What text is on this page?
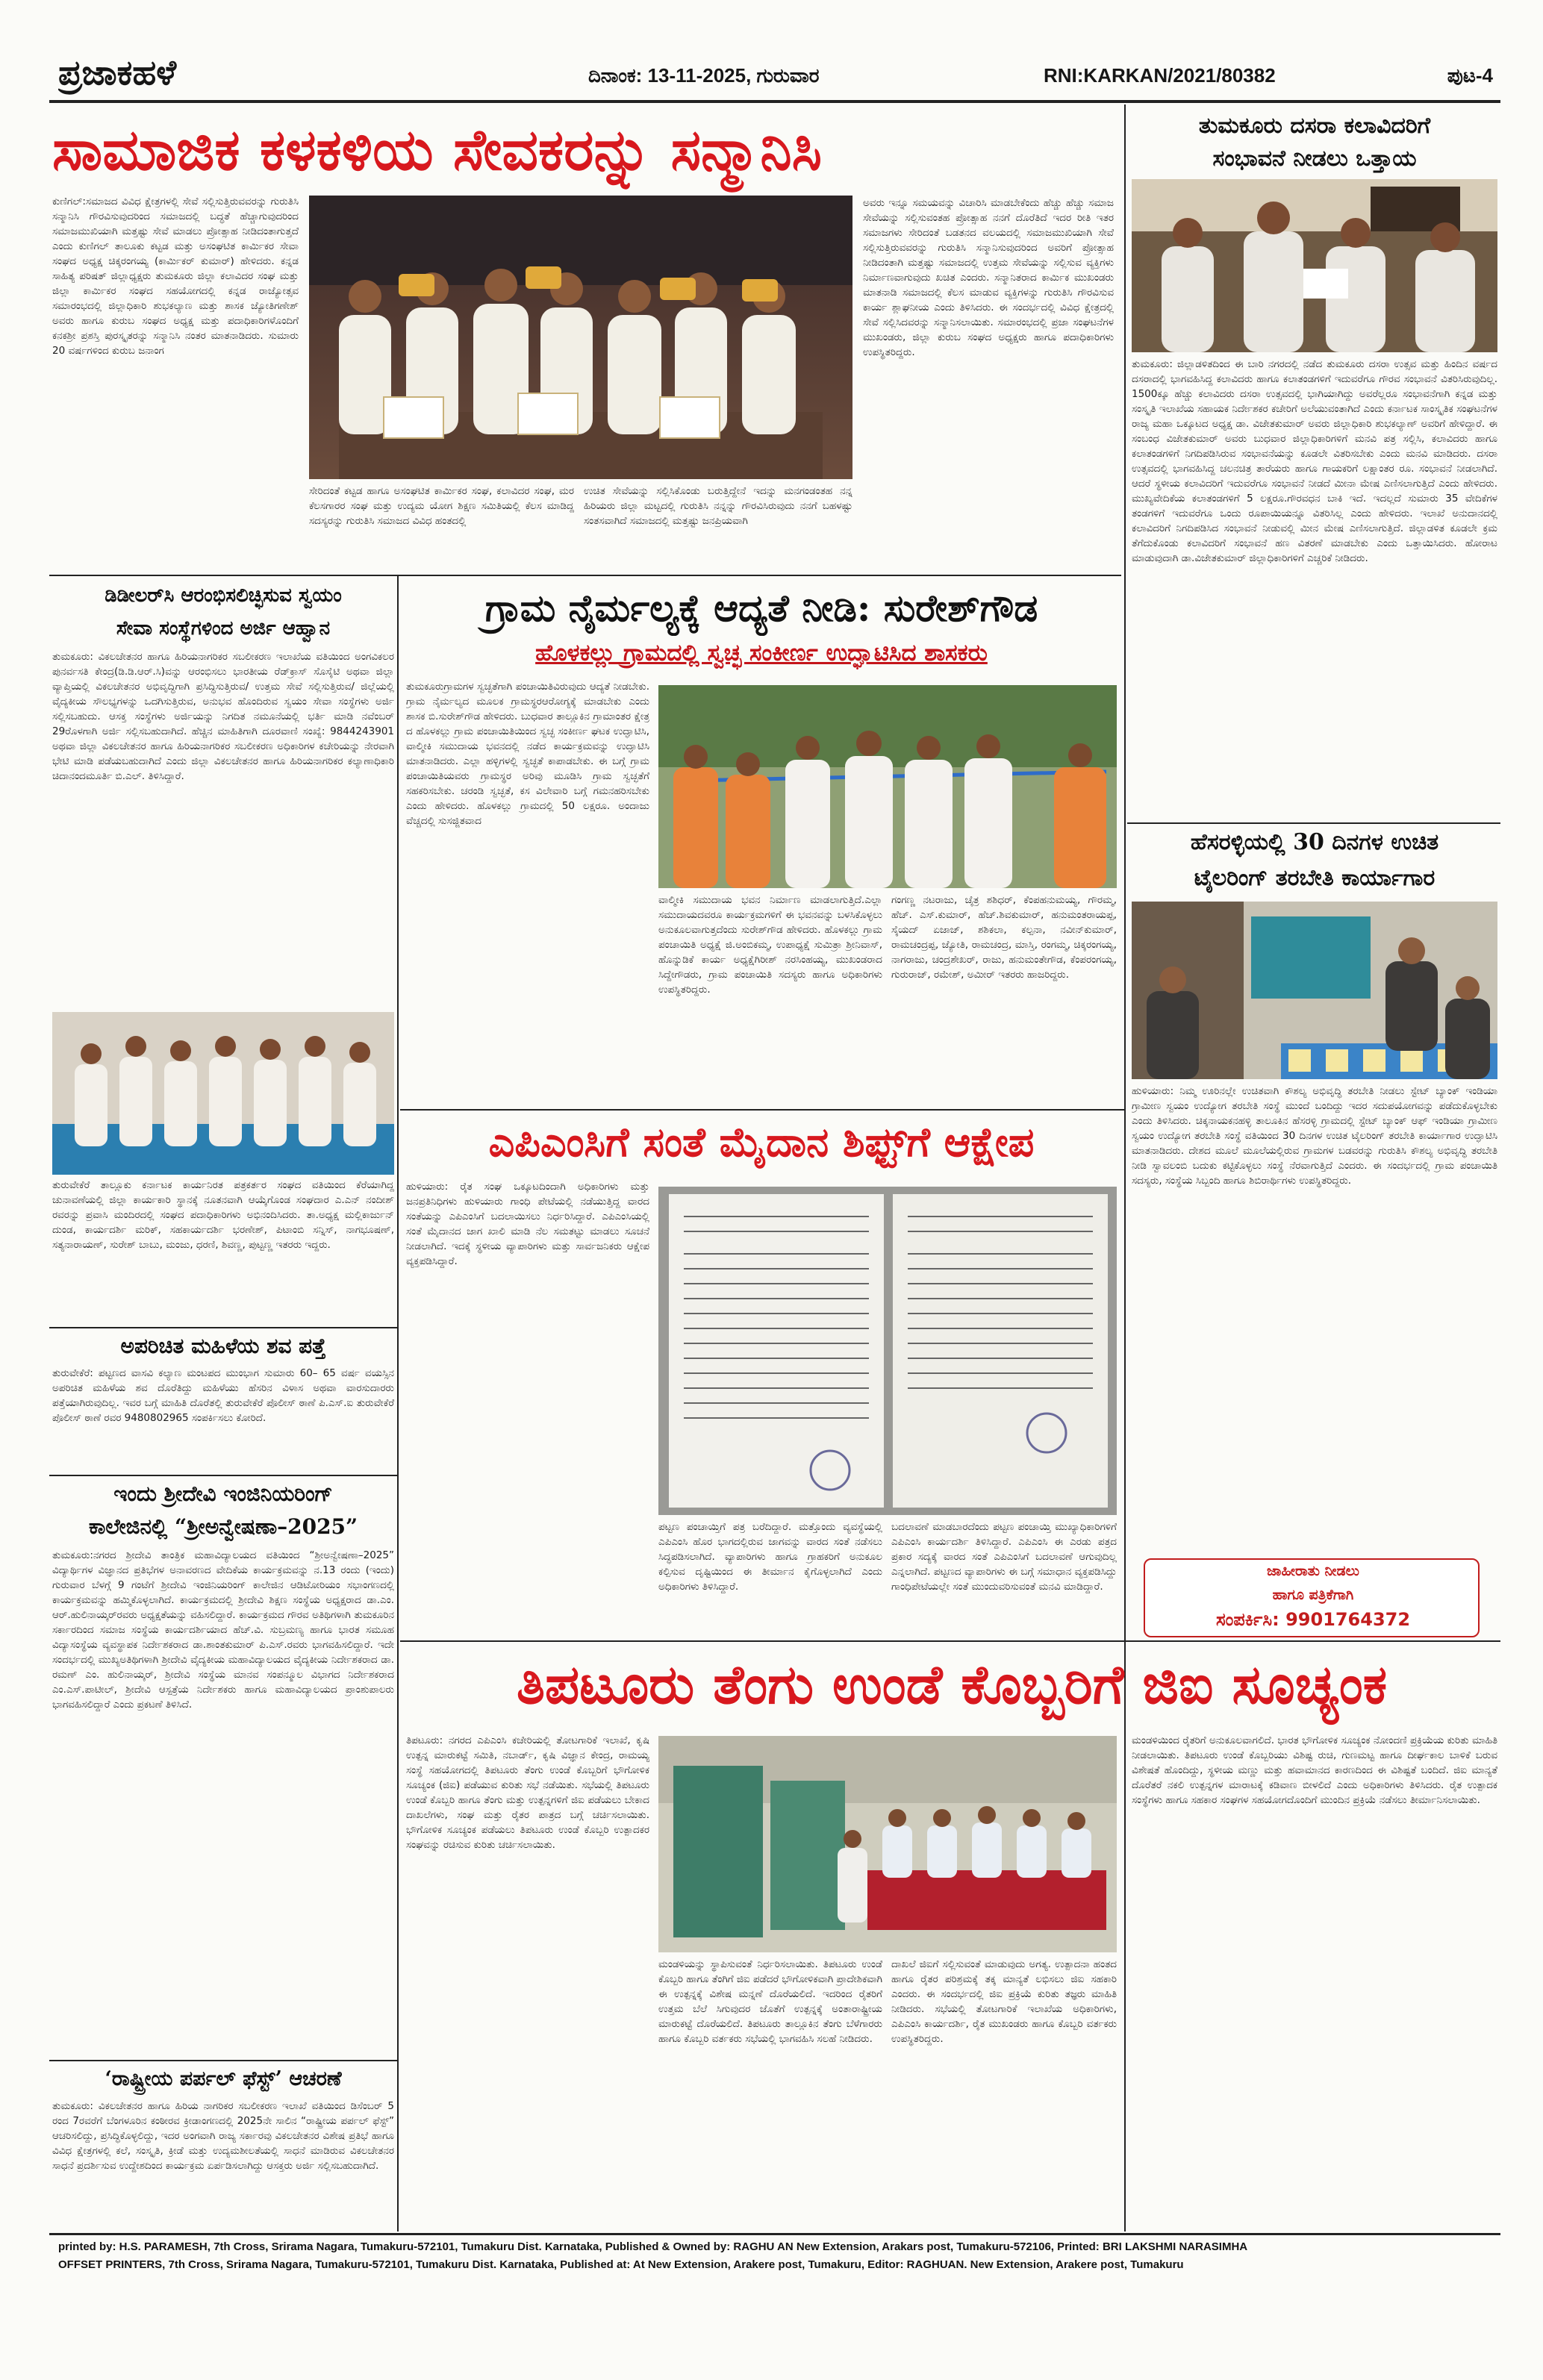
ಪ್ರಜಾಕಹಳೆ	ದಿನಾಂಕ: 13-11-2025, ಗುರುವಾರ	RNI:KARKAN/2021/80382	ಪುಟ-4
ಸಾಮಾಜಿಕ ಕಳಕಳಿಯ ಸೇವಕರನ್ನು ಸನ್ಮಾನಿಸಿ
ಕುಣಿಗಲ್:ಸಮಾಜದ ವಿವಿಧ ಕ್ಷೇತ್ರಗಳಲ್ಲಿ ಸೇವೆ ಸಲ್ಲಿಸುತ್ತಿರುವವರನ್ನು ಗುರುತಿಸಿ ಸನ್ಮಾನಿಸಿ ಗೌರವಿಸುವುದರಿಂದ ಸಮಾಜದಲ್ಲಿ ಬದ್ಧತೆ ಹೆಚ್ಚಾಗುವುದರಿಂದ ಸಮಾಜಮುಖಿಯಾಗಿ ಮತ್ತಷ್ಟು ಸೇವೆ ಮಾಡಲು ಪ್ರೋತ್ಸಾಹ ನೀಡಿದಂತಾಗುತ್ತದೆ ಎಂದು ಕುಣಿಗಲ್ ತಾಲೂಕು ಕಟ್ಟಡ ಮತ್ತು ಅಸಂಘಟಿತ ಕಾರ್ಮಿಕರ ಸೇವಾ ಸಂಘದ ಅಧ್ಯಕ್ಷ ಚಿಕ್ಕರಂಗಯ್ಯ (ಕಾರ್ಮಿಕರ್ ಕುಮಾರ್) ಹೇಳಿದರು. ಕನ್ನಡ ಸಾಹಿತ್ಯ ಪರಿಷತ್ ಜಿಲ್ಲಾಧ್ಯಕ್ಷರು ತುಮಕೂರು ಜಿಲ್ಲಾ ಕಲಾವಿದರ ಸಂಘ ಮತ್ತು ಜಿಲ್ಲಾ ಕಾರ್ಮಿಕರ ಸಂಘದ ಸಹಯೋಗದಲ್ಲಿ ಕನ್ನಡ ರಾಜ್ಯೋತ್ಸವ ಸಮಾರಂಭದಲ್ಲಿ ಜಿಲ್ಲಾಧಿಕಾರಿ ಶುಭಕಲ್ಯಾಣ ಮತ್ತು ಶಾಸಕ ಜ್ಯೋತಿಗಣೇಶ್ ಅವರು ಹಾಗೂ ಕುರುಬ ಸಂಘದ ಅಧ್ಯಕ್ಷ ಮತ್ತು ಪದಾಧಿಕಾರಿಗಳೊಂದಿಗೆ ಕನಕಶ್ರೀ ಪ್ರಶಸ್ತಿ ಪುರಸ್ಕೃತರನ್ನು ಸನ್ಮಾನಿಸಿ ನಂತರ ಮಾತನಾಡಿದರು. ಸುಮಾರು 20 ವರ್ಷಗಳಿಂದ ಕುರುಬ ಜನಾಂಗ
ಸೇರಿದಂತೆ ಕಟ್ಟಡ ಹಾಗೂ ಅಸಂಘಟಿತ ಕಾರ್ಮಿಕರ ಸಂಘ, ಕಲಾವಿದರ ಸಂಘ, ಮರ ಕೆಲಸಗಾರರ ಸಂಘ ಮತ್ತು ಉದ್ಯಮ ಯೋಗ ಶಿಕ್ಷಣ ಸಮಿತಿಯಲ್ಲಿ ಕೆಲಸ ಮಾಡಿದ್ದ ಸದಸ್ಯರನ್ನು ಗುರುತಿಸಿ ಸಮಾಜದ ವಿವಿಧ ಹಂತದಲ್ಲಿ
ಉಚಿತ ಸೇವೆಯನ್ನು ಸಲ್ಲಿಸಿಕೊಂಡು ಬರುತ್ತಿದ್ದೇನೆ ಇದನ್ನು ಮನಗಂಡಂತಹ ನನ್ನ ಹಿರಿಯರು ಜಿಲ್ಲಾ ಮಟ್ಟದಲ್ಲಿ ಗುರುತಿಸಿ ನನ್ನನ್ನು ಗೌರವಿಸಿರುವುದು ನನಗೆ ಬಹಳಷ್ಟು ಸಂತಸವಾಗಿದೆ ಸಮಾಜದಲ್ಲಿ ಮತ್ತಷ್ಟು ಜನಪ್ರಿಯವಾಗಿ
ಅವರು ಇನ್ನೂ ಸಮಯವನ್ನು ವಿಚಾರಿಸಿ ಮಾಡಬೇಕೆಂದು ಹೆಚ್ಚು ಹೆಚ್ಚು ಸಮಾಜ ಸೇವೆಯನ್ನು ಸಲ್ಲಿಸುವಂತಹ ಪ್ರೋತ್ಸಾಹ ನನಗೆ ದೊರೆತಿದೆ ಇದರ ರೀತಿ ಇತರ ಸಮಾಜಗಳು ಸೇರಿದಂತೆ ಬಡತನದ ವಲಯದಲ್ಲಿ ಸಮಾಜಮುಖಿಯಾಗಿ ಸೇವೆ ಸಲ್ಲಿಸುತ್ತಿರುವವರನ್ನು ಗುರುತಿಸಿ ಸನ್ಮಾನಿಸುವುದರಿಂದ ಅವರಿಗೆ ಪ್ರೋತ್ಸಾಹ ನೀಡಿದಂತಾಗಿ ಮತ್ತಷ್ಟು ಸಮಾಜದಲ್ಲಿ ಉತ್ತಮ ಸೇವೆಯನ್ನು ಸಲ್ಲಿಸುವ ವ್ಯಕ್ತಿಗಳು ನಿರ್ಮಾಣವಾಗುವುದು ಖಚಿತ ಎಂದರು. ಸನ್ಮಾನಿತರಾದ ಕಾರ್ಮಿಕ ಮುಖಂಡರು ಮಾತನಾಡಿ ಸಮಾಜದಲ್ಲಿ ಕೆಲಸ ಮಾಡುವ ವ್ಯಕ್ತಿಗಳನ್ನು ಗುರುತಿಸಿ ಗೌರವಿಸುವ ಕಾರ್ಯ ಶ್ಲಾಘನೀಯ ಎಂದು ತಿಳಿಸಿದರು. ಈ ಸಂದರ್ಭದಲ್ಲಿ ವಿವಿಧ ಕ್ಷೇತ್ರದಲ್ಲಿ ಸೇವೆ ಸಲ್ಲಿಸಿದವರನ್ನು ಸನ್ಮಾನಿಸಲಾಯಿತು. ಸಮಾರಂಭದಲ್ಲಿ ಪ್ರಜಾ ಸಂಘಟನೆಗಳ ಮುಖಂಡರು, ಜಿಲ್ಲಾ ಕುರುಬ ಸಂಘದ ಅಧ್ಯಕ್ಷರು ಹಾಗೂ ಪದಾಧಿಕಾರಿಗಳು ಉಪಸ್ಥಿತರಿದ್ದರು.
ತುಮಕೂರು ದಸರಾ ಕಲಾವಿದರಿಗೆ
ಸಂಭಾವನೆ ನೀಡಲು ಒತ್ತಾಯ
ತುಮಕೂರು: ಜಿಲ್ಲಾಡಳಿತದಿಂದ ಈ ಬಾರಿ ನಗರದಲ್ಲಿ ನಡೆದ ತುಮಕೂರು ದಸರಾ ಉತ್ಸವ ಮತ್ತು ಹಿಂದಿನ ವರ್ಷದ ದಸರಾದಲ್ಲಿ ಭಾಗವಹಿಸಿದ್ದ ಕಲಾವಿದರು ಹಾಗೂ ಕಲಾತಂಡಗಳಿಗೆ ಇದುವರೆಗೂ ಗೌರವ ಸಂಭಾವನೆ ವಿತರಿಸಿರುವುದಿಲ್ಲ. 1500ಕ್ಕೂ ಹೆಚ್ಚು ಕಲಾವಿದರು ದಸರಾ ಉತ್ಸವದಲ್ಲಿ ಭಾಗಿಯಾಗಿದ್ದು ಅವರೆಲ್ಲರೂ ಸಂಭಾವನೆಗಾಗಿ ಕನ್ನಡ ಮತ್ತು ಸಂಸ್ಕೃತಿ ಇಲಾಖೆಯ ಸಹಾಯಕ ನಿರ್ದೇಶಕರ ಕಚೇರಿಗೆ ಅಲೆಯುವಂತಾಗಿದೆ ಎಂದು ಕರ್ನಾಟಕ ಸಾಂಸ್ಕೃತಿಕ ಸಂಘಟನೆಗಳ ರಾಜ್ಯ ಮಹಾ ಒಕ್ಕೂಟದ ಅಧ್ಯಕ್ಷ ಡಾ. ವಿಜೇತಕುಮಾರ್ ಅವರು ಜಿಲ್ಲಾಧಿಕಾರಿ ಶುಭಕಲ್ಯಾಣ್ ಅವರಿಗೆ ಹೇಳಿದ್ದಾರೆ. ಈ ಸಂಬಂಧ ವಿಜೇತಕುಮಾರ್ ಅವರು ಬುಧವಾರ ಜಿಲ್ಲಾಧಿಕಾರಿಗಳಿಗೆ ಮನವಿ ಪತ್ರ ಸಲ್ಲಿಸಿ, ಕಲಾವಿದರು ಹಾಗೂ ಕಲಾತಂಡಗಳಿಗೆ ನಿಗದಿಪಡಿಸಿರುವ ಸಂಭಾವನೆಯನ್ನು ಕೂಡಲೇ ವಿತರಿಸಬೇಕು ಎಂದು ಮನವಿ ಮಾಡಿದರು. ದಸರಾ ಉತ್ಸವದಲ್ಲಿ ಭಾಗವಹಿಸಿದ್ದ ಚಲನಚಿತ್ರ ತಾರೆಯರು ಹಾಗೂ ಗಾಯಕರಿಗೆ ಲಕ್ಷಾಂತರ ರೂ. ಸಂಭಾವನೆ ನೀಡಲಾಗಿದೆ. ಆದರೆ ಸ್ಥಳೀಯ ಕಲಾವಿದರಿಗೆ ಇದುವರೆಗೂ ಸಂಭಾವನೆ ನೀಡದೆ ಮೀನಾ ಮೇಷ ಎಣಿಸಲಾಗುತ್ತಿದೆ ಎಂದು ಹೇಳಿದರು. ಮುಖ್ಯವೇದಿಕೆಯ ಕಲಾತಂಡಗಳಿಗೆ 5 ಲಕ್ಷರೂ.ಗೌರವಧನ ಬಾಕಿ ಇದೆ. ಇದಲ್ಲದೆ ಸುಮಾರು 35 ವೇದಿಕೆಗಳ ತಂಡಗಳಿಗೆ ಇದುವರೆಗೂ ಒಂದು ರೂಪಾಯಿಯನ್ನೂ ವಿತರಿಸಿಲ್ಲ ಎಂದು ಹೇಳಿದರು. ಇಲಾಖೆ ಅನುದಾನದಲ್ಲಿ ಕಲಾವಿದರಿಗೆ ನಿಗದಿಪಡಿಸಿದ ಸಂಭಾವನೆ ನೀಡುವಲ್ಲಿ ಮೀನ ಮೇಷ ಎಣಿಸಲಾಗುತ್ತಿದೆ. ಜಿಲ್ಲಾಡಳಿತ ಕೂಡಲೇ ಕ್ರಮ ತೆಗೆದುಕೊಂಡು ಕಲಾವಿದರಿಗೆ ಸಂಭಾವನೆ ಹಣ ವಿತರಣೆ ಮಾಡಬೇಕು ಎಂದು ಒತ್ತಾಯಿಸಿದರು. ಹೋರಾಟ ಮಾಡುವುದಾಗಿ ಡಾ.ವಿಜೇತಕುಮಾರ್ ಜಿಲ್ಲಾಧಿಕಾರಿಗಳಿಗೆ ಎಚ್ಚರಿಕೆ ನೀಡಿದರು.
ಹೆಸರಳ್ಳಿಯಲ್ಲಿ 30 ದಿನಗಳ ಉಚಿತ
ಟೈಲರಿಂಗ್ ತರಬೇತಿ ಕಾರ್ಯಾಗಾರ
ಹುಳಿಯಾರು: ನಿಮ್ಮ ಊರಿನಲ್ಲೇ ಉಚಿತವಾಗಿ ಕೌಶಲ್ಯ ಅಭಿವೃದ್ಧಿ ತರಬೇತಿ ನೀಡಲು ಸ್ಟೇಟ್ ಬ್ಯಾಂಕ್ ಇಂಡಿಯಾ ಗ್ರಾಮೀಣ ಸ್ವಯಂ ಉದ್ಯೋಗ ತರಬೇತಿ ಸಂಸ್ಥೆ ಮುಂದೆ ಬಂದಿದ್ದು ಇದರ ಸದುಪಯೋಗವನ್ನು ಪಡೆದುಕೊಳ್ಳಬೇಕು ಎಂದು ತಿಳಿಸಿದರು. ಚಿಕ್ಕನಾಯಕನಹಳ್ಳಿ ತಾಲೂಕಿನ ಹೆಸರಳ್ಳಿ ಗ್ರಾಮದಲ್ಲಿ ಸ್ಟೇಟ್ ಬ್ಯಾಂಕ್ ಆಫ್ ಇಂಡಿಯಾ ಗ್ರಾಮೀಣ ಸ್ವಯಂ ಉದ್ಯೋಗ ತರಬೇತಿ ಸಂಸ್ಥೆ ವತಿಯಿಂದ 30 ದಿನಗಳ ಉಚಿತ ಟೈಲರಿಂಗ್ ತರಬೇತಿ ಕಾರ್ಯಾಗಾರ ಉದ್ಘಾಟಿಸಿ ಮಾತನಾಡಿದರು. ದೇಶದ ಮೂಲೆ ಮೂಲೆಯಲ್ಲಿರುವ ಗ್ರಾಮಗಳ ಬಡವರನ್ನು ಗುರುತಿಸಿ ಕೌಶಲ್ಯ ಅಭಿವೃದ್ಧಿ ತರಬೇತಿ ನೀಡಿ ಸ್ವಾವಲಂಬಿ ಬದುಕು ಕಟ್ಟಿಕೊಳ್ಳಲು ಸಂಸ್ಥೆ ನೆರವಾಗುತ್ತಿದೆ ಎಂದರು. ಈ ಸಂದರ್ಭದಲ್ಲಿ ಗ್ರಾಮ ಪಂಚಾಯಿತಿ ಸದಸ್ಯರು, ಸಂಸ್ಥೆಯ ಸಿಬ್ಬಂದಿ ಹಾಗೂ ಶಿಬಿರಾರ್ಥಿಗಳು ಉಪಸ್ಥಿತರಿದ್ದರು.
ಜಾಹೀರಾತು ನೀಡಲು
ಹಾಗೂ ಪತ್ರಿಕೆಗಾಗಿ
ಸಂಪರ್ಕಿಸಿ: 9901764372
ಡಿಡೀಲರ್‌ಸಿ ಆರಂಭಿಸಲಿಚ್ಛಿಸುವ ಸ್ವಯಂ
ಸೇವಾ ಸಂಸ್ಥೆಗಳಿಂದ ಅರ್ಜಿ ಆಹ್ವಾನ
ತುಮಕೂರು: ವಿಕಲಚೇತನರ ಹಾಗೂ ಹಿರಿಯನಾಗರಿಕರ ಸಬಲೀಕರಣ ಇಲಾಖೆಯ ವತಿಯಿಂದ ಅಂಗವಿಕಲರ ಪುನರ್ವಸತಿ ಕೇಂದ್ರ(ಡಿ.ಡಿ.ಆರ್.ಸಿ)ವನ್ನು ಆರಂಭಿಸಲು ಭಾರತೀಯ ರೆಡ್‌ಕ್ರಾಸ್ ಸೊಸೈಟಿ ಅಥವಾ ಜಿಲ್ಲಾ ವ್ಯಾಪ್ತಿಯಲ್ಲಿ ವಿಕಲಚೇತನರ ಅಭಿವೃದ್ಧಿಗಾಗಿ ಪ್ರಸಿದ್ಧಿಸುತ್ತಿರುವ/ ಉತ್ತಮ ಸೇವೆ ಸಲ್ಲಿಸುತ್ತಿರುವ/ ಜಿಲ್ಲೆಯಲ್ಲಿ ವೈದ್ಯಕೀಯ ಸೌಲಭ್ಯಗಳನ್ನು ಒದಗಿಸುತ್ತಿರುವ, ಅನುಭವ ಹೊಂದಿರುವ ಸ್ವಯಂ ಸೇವಾ ಸಂಸ್ಥೆಗಳು ಅರ್ಜಿ ಸಲ್ಲಿಸಬಹುದು. ಆಸಕ್ತ ಸಂಸ್ಥೆಗಳು ಅರ್ಜಿಯನ್ನು ನಿಗದಿತ ನಮೂನೆಯಲ್ಲಿ ಭರ್ತಿ ಮಾಡಿ ನವೆಂಬರ್ 29ರೊಳಗಾಗಿ ಅರ್ಜಿ ಸಲ್ಲಿಸಬಹುದಾಗಿದೆ. ಹೆಚ್ಚಿನ ಮಾಹಿತಿಗಾಗಿ ದೂರವಾಣಿ ಸಂಖ್ಯೆ: 9844243901 ಅಥವಾ ಜಿಲ್ಲಾ ವಿಕಲಚೇತನರ ಹಾಗೂ ಹಿರಿಯನಾಗರಿಕರ ಸಬಲೀಕರಣ ಅಧಿಕಾರಿಗಳ ಕಚೇರಿಯನ್ನು ನೇರವಾಗಿ ಭೇಟಿ ಮಾಡಿ ಪಡೆಯಬಹುದಾಗಿದೆ ಎಂದು ಜಿಲ್ಲಾ ವಿಕಲಚೇತನರ ಹಾಗೂ ಹಿರಿಯನಾಗರಿಕರ ಕಲ್ಯಾಣಾಧಿಕಾರಿ ಚಿದಾನಂದಮೂರ್ತಿ ಬಿ.ಎಲ್. ತಿಳಿಸಿದ್ದಾರೆ.
ತುರುವೇಕೆರೆ ತಾಲ್ಲೂಕು ಕರ್ನಾಟಕ ಕಾರ್ಯನಿರತ ಪತ್ರಕರ್ತರ ಸಂಘದ ವತಿಯಿಂದ ಕೆರೆಯಾಗಿದ್ದ ಚುನಾವಣೆಯಲ್ಲಿ ಜಿಲ್ಲಾ ಕಾರ್ಯಕಾರಿ ಸ್ಥಾನಕ್ಕೆ ನೂತನವಾಗಿ ಆಯ್ಕೆಗೊಂಡ ಸಂಘದಾರ ಎ.ಎನ್ ನಂದೀಶ್ ರವರನ್ನು ಪ್ರವಾಸಿ ಮಂದಿರದಲ್ಲಿ ಸಂಘದ ಪದಾಧಿಕಾರಿಗಳು ಅಭಿನಂದಿಸಿದರು. ತಾ.ಅಧ್ಯಕ್ಷ ಮಲ್ಲಿಕಾರ್ಜುನ್ ದುಂಡ, ಕಾರ್ಯದರ್ಶಿ ಮರಿಕ್, ಸಹಕಾರ್ಯದರ್ಶಿ ಭರಣೇಶ್, ಪಿಟಾಂಬಿ ಸನ್ನಿಸ್, ನಾಗಭೂಷಣ್, ಸತ್ಯನಾರಾಯಣ್, ಸುರೇಶ್ ಬಾಬು, ಮಂಜು, ಧರಣಿ, ಶಿವಣ್ಣ, ಪುಟ್ಟಣ್ಣ ಇತರರು ಇದ್ದರು.
ಅಪರಿಚಿತ ಮಹಿಳೆಯ ಶವ ಪತ್ತೆ
ತುರುವೇಕೆರೆ: ಪಟ್ಟಣದ ವಾಸವಿ ಕಲ್ಯಾಣ ಮಂಟಪದ ಮುಂಭಾಗ ಸುಮಾರು 60– 65 ವರ್ಷ ವಯಸ್ಸಿನ ಅಪರಿಚಿತ ಮಹಿಳೆಯ ಶವ ದೊರೆತಿದ್ದು ಮಹಿಳೆಯು ಹೆಸರಿನ ವಿಳಾಸ ಅಥವಾ ವಾರಸುದಾರರು ಪತ್ತೆಯಾಗಿರುವುದಿಲ್ಲ. ಇವರ ಬಗ್ಗೆ ಮಾಹಿತಿ ದೊರೆತಲ್ಲಿ ತುರುವೇಕೆರೆ ಪೊಲೀಸ್ ಠಾಣೆ ಪಿ.ಎಸ್.ಐ ತುರುವೇಕೆರೆ ಪೊಲೀಸ್ ಠಾಣೆ ರವರ 9480802965 ಸಂಪರ್ಕಿಸಲು ಕೋರಿದೆ.
ಇಂದು ಶ್ರೀದೇವಿ ಇಂಜಿನಿಯರಿಂಗ್
ಕಾಲೇಜಿನಲ್ಲಿ “ಶ್ರೀಅನ್ವೇಷಣಾ–2025”
ತುಮಕೂರು:ನಗರದ ಶ್ರೀದೇವಿ ತಾಂತ್ರಿಕ ಮಹಾವಿದ್ಯಾಲಯದ ವತಿಯಿಂದ “ಶ್ರೀಅನ್ವೇಷಣಾ–2025” ವಿದ್ಯಾರ್ಥಿಗಳ ವಿಜ್ಞಾನದ ಪ್ರತಿಭೆಗಳ ಅನಾವರಣದ ವೇದಿಕೆಯ ಕಾರ್ಯಕ್ರಮವನ್ನು ನ.13 ರಂದು (ಇಂದು) ಗುರುವಾರ ಬೆಳಗ್ಗೆ 9 ಗಂಟೆಗೆ ಶ್ರೀದೇವಿ ಇಂಜಿನಿಯರಿಂಗ್ ಕಾಲೇಜಿನ ಆಡಿಟೋರಿಯಂ ಸಭಾಂಗಣದಲ್ಲಿ ಕಾರ್ಯಕ್ರಮವನ್ನು ಹಮ್ಮಿಕೊಳ್ಳಲಾಗಿದೆ. ಕಾರ್ಯಕ್ರಮದಲ್ಲಿ ಶ್ರೀದೇವಿ ಶಿಕ್ಷಣ ಸಂಸ್ಥೆಯ ಅಧ್ಯಕ್ಷರಾದ ಡಾ.ಎಂ. ಆರ್.ಹುಲಿನಾಯ್ಕರ್‌ರವರು ಅಧ್ಯಕ್ಷತೆಯನ್ನು ವಹಿಸಲಿದ್ದಾರೆ. ಕಾರ್ಯಕ್ರಮದ ಗೌರವ ಅತಿಥಿಗಳಾಗಿ ತುಮಕೂರಿನ ಸರ್ಕಾರದಿಂದ ಸಮಾಜ ಸಂಸ್ಥೆಯ ಕಾರ್ಯದರ್ಶಿಯಾದ ಹೆಚ್.ವಿ. ಸುಬ್ರಮಣ್ಯ ಹಾಗೂ ಭಾರತ ಸಮೂಹ ವಿದ್ಯಾಸಂಸ್ಥೆಯ ವ್ಯವಸ್ಥಾಪಕ ನಿರ್ದೇಶಕರಾದ ಡಾ.ಶಾಂತಕುಮಾರ್ ಪಿ.ಎಸ್.ರವರು ಭಾಗವಹಿಸಲಿದ್ದಾರೆ. ಇದೇ ಸಂದರ್ಭದಲ್ಲಿ ಮುಖ್ಯಅತಿಥಿಗಳಾಗಿ ಶ್ರೀದೇವಿ ವೈದ್ಯಕೀಯ ಮಹಾವಿದ್ಯಾಲಯದ ವೈದ್ಯಕೀಯ ನಿರ್ದೇಶಕರಾದ ಡಾ. ರಮಣ್ ಎಂ. ಹುಲಿನಾಯ್ಕರ್, ಶ್ರೀದೇವಿ ಸಂಸ್ಥೆಯ ಮಾನವ ಸಂಪನ್ಮೂಲ ವಿಭಾಗದ ನಿರ್ದೇಶಕರಾದ ಎಂ.ಎಸ್.ಪಾಟೀಲ್, ಶ್ರೀದೇವಿ ಆಸ್ಪತ್ರೆಯ ನಿರ್ದೇಶಕರು ಹಾಗೂ ಮಹಾವಿದ್ಯಾಲಯದ ಪ್ರಾಂಶುಪಾಲರು ಭಾಗವಹಿಸಲಿದ್ದಾರೆ ಎಂದು ಪ್ರಕಟಣೆ ತಿಳಿಸಿದೆ.
‘ರಾಷ್ಟ್ರೀಯ ಪರ್ಪಲ್ ಫೆಸ್ಟ್’ ಆಚರಣೆ
ತುಮಕೂರು: ವಿಕಲಚೇತನರ ಹಾಗೂ ಹಿರಿಯ ನಾಗರಿಕರ ಸಬಲೀಕರಣ ಇಲಾಖೆ ವತಿಯಿಂದ ಡಿಸೆಂಬರ್ 5 ರಂದ 7ರವರೆಗೆ ಬೆಂಗಳೂರಿನ ಕಂಠೀರವ ಕ್ರೀಡಾಂಗಣದಲ್ಲಿ 2025ನೇ ಸಾಲಿನ “ರಾಷ್ಟ್ರೀಯ ಪರ್ಪಲ್ ಫೆಸ್ಟ್” ಆಚರಿಸಲಿದ್ದು, ಪ್ರಸಿದ್ಧಿಕೊಳ್ಳಲಿದ್ದು, ಇದರ ಅಂಗವಾಗಿ ರಾಜ್ಯ ಸರ್ಕಾರವು ವಿಕಲಚೇತನರ ವಿಶೇಷ ಪ್ರತಿಭೆ ಹಾಗೂ ವಿವಿಧ ಕ್ಷೇತ್ರಗಳಲ್ಲಿ ಕಲೆ, ಸಂಸ್ಕೃತಿ, ಕ್ರೀಡೆ ಮತ್ತು ಉದ್ಯಮಶೀಲತೆಯಲ್ಲಿ ಸಾಧನೆ ಮಾಡಿರುವ ವಿಕಲಚೇತನರ ಸಾಧನೆ ಪ್ರದರ್ಶಿಸುವ ಉದ್ದೇಶದಿಂದ ಕಾರ್ಯಕ್ರಮ ಏರ್ಪಡಿಸಲಾಗಿದ್ದು ಆಸಕ್ತರು ಅರ್ಜಿ ಸಲ್ಲಿಸಬಹುದಾಗಿದೆ.
ಗ್ರಾಮ ನೈರ್ಮಲ್ಯಕ್ಕೆ ಆದ್ಯತೆ ನೀಡಿ: ಸುರೇಶ್‌ಗೌಡ
ಹೊಳಕಲ್ಲು ಗ್ರಾಮದಲ್ಲಿ ಸ್ವಚ್ಛ ಸಂಕೀರ್ಣ ಉದ್ಘಾಟಿಸಿದ ಶಾಸಕರು
ತುಮಕೂರುಗ್ರಾಮಗಳ ಸ್ವಚ್ಛತೆಗಾಗಿ ಪಂಚಾಯಿತಿವಿರುವುದು ಆದ್ಯತೆ ನೀಡಬೇಕು. ಗ್ರಾಮ ನೈರ್ಮಲ್ಯದ ಮೂಲಕ ಗ್ರಾಮಸ್ಥರಆರೋಗ್ಯಕ್ಕೆ ಮಾಡಬೇಕು ಎಂದು ಶಾಸಕ ಬಿ.ಸುರೇಶ್‌ಗೌಡ ಹೇಳಿದರು. ಬುಧವಾರ ತಾಲ್ಲೂಕಿನ ಗ್ರಾಮಾಂತರ ಕ್ಷೇತ್ರ ದ ಹೊಳಕಲ್ಲು ಗ್ರಾಮ ಪಂಚಾಯಿತಿಯಿಂದ ಸ್ವಚ್ಛ ಸಂಕೀರ್ಣ ಘಟಕ ಉದ್ಘಾಟಿಸಿ, ವಾಲ್ಮೀಕಿ ಸಮುದಾಯ ಭವನದಲ್ಲಿ ನಡೆದ ಕಾರ್ಯಕ್ರಮವನ್ನು ಉದ್ಘಾಟಿಸಿ ಮಾತನಾಡಿದರು. ಎಲ್ಲಾ ಹಳ್ಳಿಗಳಲ್ಲಿ ಸ್ವಚ್ಛತೆ ಕಾಪಾಡಬೇಕು. ಈ ಬಗ್ಗೆ ಗ್ರಾಮ ಪಂಚಾಯಿತಿಯವರು ಗ್ರಾಮಸ್ಥರ ಅರಿವು ಮೂಡಿಸಿ ಗ್ರಾಮ ಸ್ವಚ್ಛತೆಗೆ ಸಹಕರಿಸಬೇಕು. ಚರಂಡಿ ಸ್ವಚ್ಛತೆ, ಕಸ ವಿಲೇವಾರಿ ಬಗ್ಗೆ ಗಮನಹರಿಸಬೇಕು ಎಂದು ಹೇಳಿದರು. ಹೊಳಕಲ್ಲು ಗ್ರಾಮದಲ್ಲಿ 50 ಲಕ್ಷರೂ. ಅಂದಾಜು ವೆಚ್ಚದಲ್ಲಿ ಸುಸಜ್ಜಿತವಾದ
ವಾಲ್ಮೀಕಿ ಸಮುದಾಯ ಭವನ ನಿರ್ಮಾಣ ಮಾಡಲಾಗುತ್ತಿದೆ.ಎಲ್ಲಾ ಸಮುದಾಯದವರೂ ಕಾರ್ಯಕ್ರಮಗಳಿಗೆ ಈ ಭವನವನ್ನು ಬಳಸಿಕೊಳ್ಳಲು ಅನುಕೂಲವಾಗುತ್ತದೆಂದು ಸುರೇಶ್‌ಗೌಡ ಹೇಳಿದರು. ಹೊಳಕಲ್ಲು ಗ್ರಾಮ ಪಂಚಾಯಿತಿ ಅಧ್ಯಕ್ಷೆ ಜಿ.ಅಂಬಿಕಮ್ಮ, ಉಪಾಧ್ಯಕ್ಷೆ ಸುಮಿತ್ರಾ ಶ್ರೀನಿವಾಸ್, ಹೊನ್ನುಡಿಕೆ ಕಾರ್ಯ ಅಧ್ಯಕ್ಷೆಗಿರೀಶ್ ನರಸಿಂಹಯ್ಯ, ಮುಖಂಡರಾದ ಸಿದ್ದೇಗೌಡರು, ಗ್ರಾಮ ಪಂಚಾಯಿತಿ ಸದಸ್ಯರು ಹಾಗೂ ಅಧಿಕಾರಿಗಳು ಉಪಸ್ಥಿತರಿದ್ದರು.
ಗಂಗಣ್ಣ ನಟರಾಜು, ಚೈತ್ರ ಶಶಿಧರ್, ಕೆಂಪಹನುಮಯ್ಯ, ಗೌರಮ್ಮ, ಹೆಚ್. ಎಸ್.ಕುಮಾರ್, ಹೆಚ್.ಶಿವಕುಮಾರ್, ಹನುಮಂತರಾಯಪ್ಪ, ಸೈಯದ್ ಏಜಾಜ್, ಶಶಿಕಲಾ, ಕಲ್ಪನಾ, ನವೀನ್‌ಕುಮಾರ್, ರಾಮಚಂದ್ರಪ್ಪ, ಜ್ಯೋತಿ, ರಾಮಚಂದ್ರ, ಮಾಸ್ತಿ, ರಂಗಮ್ಮ, ಚಿಕ್ಕರಂಗಯ್ಯ, ನಾಗರಾಜು, ಚಂದ್ರಶೇಖರ್, ರಾಜು, ಹನುಮಂತೇಗೌಡ, ಕೆಂಪರಂಗಯ್ಯ, ಗುರುರಾಜ್, ರಮೇಶ್, ಅಮೀರ್ ಇತರರು ಹಾಜರಿದ್ದರು.
ಎಪಿಎಂಸಿಗೆ ಸಂತೆ ಮೈದಾನ ಶಿಫ್ಟ್‌ಗೆ ಆಕ್ಷೇಪ
ಹುಳಿಯಾರು: ರೈತ ಸಂಘ ಒಕ್ಕೂಟದಿಂದಾಗಿ ಅಧಿಕಾರಿಗಳು ಮತ್ತು ಜನಪ್ರತಿನಿಧಿಗಳು ಹುಳಿಯಾರು ಗಾಂಧಿ ಪೇಟೆಯಲ್ಲಿ ನಡೆಯುತ್ತಿದ್ದ ವಾರದ ಸಂತೆಯನ್ನು ಎಪಿಎಂಸಿಗೆ ಬದಲಾಯಿಸಲು ನಿರ್ಧರಿಸಿದ್ದಾರೆ. ಎಪಿಎಂಸಿಯಲ್ಲಿ ಸಂತೆ ಮೈದಾನದ ಜಾಗ ಖಾಲಿ ಮಾಡಿ ನೆಲ ಸಮತಟ್ಟು ಮಾಡಲು ಸೂಚನೆ ನೀಡಲಾಗಿದೆ. ಇದಕ್ಕೆ ಸ್ಥಳೀಯ ವ್ಯಾಪಾರಿಗಳು ಮತ್ತು ಸಾರ್ವಜನಿಕರು ಆಕ್ಷೇಪ ವ್ಯಕ್ತಪಡಿಸಿದ್ದಾರೆ.
ಪಟ್ಟಣ ಪಂಚಾಯ್ತಿಗೆ ಪತ್ರ ಬರೆದಿದ್ದಾರೆ. ಮತ್ತೊಂದು ವ್ಯವಸ್ಥೆಯಲ್ಲಿ ಎಪಿಎಂಸಿ ಹೊರ ಭಾಗದಲ್ಲಿರುವ ಜಾಗವನ್ನು ವಾರದ ಸಂತೆ ನಡೆಸಲು ಸಿದ್ಧಪಡಿಸಲಾಗಿದೆ. ವ್ಯಾಪಾರಿಗಳು ಹಾಗೂ ಗ್ರಾಹಕರಿಗೆ ಅನುಕೂಲ ಕಲ್ಪಿಸುವ ದೃಷ್ಟಿಯಿಂದ ಈ ತೀರ್ಮಾನ ಕೈಗೊಳ್ಳಲಾಗಿದೆ ಎಂದು ಅಧಿಕಾರಿಗಳು ತಿಳಿಸಿದ್ದಾರೆ.
ಬದಲಾವಣೆ ಮಾಡಬಾರದೆಂದು ಪಟ್ಟಣ ಪಂಚಾಯ್ತಿ ಮುಖ್ಯಾಧಿಕಾರಿಗಳಿಗೆ ಎಪಿಎಂಸಿ ಕಾರ್ಯದರ್ಶಿ ತಿಳಿಸಿದ್ದಾರೆ. ಎಪಿಎಂಸಿ ಈ ಎರಡು ಪತ್ರದ ಪ್ರಕಾರ ಸದ್ಯಕ್ಕೆ ವಾರದ ಸಂತೆ ಎಪಿಎಂಸಿಗೆ ಬದಲಾವಣೆ ಆಗುವುದಿಲ್ಲ ಎನ್ನಲಾಗಿದೆ. ಪಟ್ಟಣದ ವ್ಯಾಪಾರಿಗಳು ಈ ಬಗ್ಗೆ ಸಮಾಧಾನ ವ್ಯಕ್ತಪಡಿಸಿದ್ದು ಗಾಂಧಿಪೇಟೆಯಲ್ಲೇ ಸಂತೆ ಮುಂದುವರಿಸುವಂತೆ ಮನವಿ ಮಾಡಿದ್ದಾರೆ.
ತಿಪಟೂರು ತೆಂಗು ಉಂಡೆ ಕೊಬ್ಬರಿಗೆ ಜಿಐ ಸೂಚ್ಯಂಕ
ತಿಪಟೂರು: ನಗರದ ಎಪಿಎಂಸಿ ಕಚೇರಿಯಲ್ಲಿ ತೋಟಗಾರಿಕೆ ಇಲಾಖೆ, ಕೃಷಿ ಉತ್ಪನ್ನ ಮಾರುಕಟ್ಟೆ ಸಮಿತಿ, ನಬಾರ್ಡ್, ಕೃಷಿ ವಿಜ್ಞಾನ ಕೇಂದ್ರ, ರಾಮಯ್ಯ ಸಂಸ್ಥೆ ಸಹಯೋಗದಲ್ಲಿ ತಿಪಟೂರು ತೆಂಗು ಉಂಡೆ ಕೊಬ್ಬರಿಗೆ ಭೌಗೋಳಿಕ ಸೂಚ್ಯಂಕ (ಜಿಐ) ಪಡೆಯುವ ಕುರಿತು ಸಭೆ ನಡೆಯಿತು. ಸಭೆಯಲ್ಲಿ ತಿಪಟೂರು ಉಂಡೆ ಕೊಬ್ಬರಿ ಹಾಗೂ ತೆಂಗು ಮತ್ತು ಉತ್ಪನ್ನಗಳಿಗೆ ಜಿಐ ಪಡೆಯಲು ಬೇಕಾದ ದಾಖಲೆಗಳು, ಸಂಘ ಮತ್ತು ರೈತರ ಪಾತ್ರದ ಬಗ್ಗೆ ಚರ್ಚಿಸಲಾಯಿತು. ಭೌಗೋಳಿಕ ಸೂಚ್ಯಂಕ ಪಡೆಯಲು ತಿಪಟೂರು ಉಂಡೆ ಕೊಬ್ಬರಿ ಉತ್ಪಾದಕರ ಸಂಘವನ್ನು ರಚಿಸುವ ಕುರಿತು ಚರ್ಚಿಸಲಾಯಿತು.
ಮಂಡಳಿಯನ್ನು ಸ್ಥಾಪಿಸುವಂತೆ ನಿರ್ಧರಿಸಲಾಯಿತು. ತಿಪಟೂರು ಉಂಡೆ ಕೊಬ್ಬರಿ ಹಾಗೂ ತೆಂಗಿಗೆ ಜಿಐ ಪಡೆದರೆ ಭೌಗೋಳಿಕವಾಗಿ ಪ್ರಾದೇಶಿಕವಾಗಿ ಈ ಉತ್ಪನ್ನಕ್ಕೆ ವಿಶೇಷ ಮನ್ನಣೆ ದೊರೆಯಲಿದೆ. ಇದರಿಂದ ರೈತರಿಗೆ ಉತ್ತಮ ಬೆಲೆ ಸಿಗುವುದರ ಜೊತೆಗೆ ಉತ್ಪನ್ನಕ್ಕೆ ಅಂತಾರಾಷ್ಟ್ರೀಯ ಮಾರುಕಟ್ಟೆ ದೊರೆಯಲಿದೆ. ತಿಪಟೂರು ತಾಲ್ಲೂಕಿನ ತೆಂಗು ಬೆಳೆಗಾರರು ಹಾಗೂ ಕೊಬ್ಬರಿ ವರ್ತಕರು ಸಭೆಯಲ್ಲಿ ಭಾಗವಹಿಸಿ ಸಲಹೆ ನೀಡಿದರು.
ದಾಖಲೆ ಜಿಐಗೆ ಸಲ್ಲಿಸುವಂತೆ ಮಾಡುವುದು ಅಗತ್ಯ. ಉತ್ಪಾದನಾ ಹಂತದ ಹಾಗೂ ರೈತರ ಪರಿಶ್ರಮಕ್ಕೆ ತಕ್ಕ ಮಾನ್ಯತೆ ಲಭಿಸಲು ಜಿಐ ಸಹಕಾರಿ ಎಂದರು. ಈ ಸಂದರ್ಭದಲ್ಲಿ ಜಿಐ ಪ್ರಕ್ರಿಯೆ ಕುರಿತು ತಜ್ಞರು ಮಾಹಿತಿ ನೀಡಿದರು. ಸಭೆಯಲ್ಲಿ ತೋಟಗಾರಿಕೆ ಇಲಾಖೆಯ ಅಧಿಕಾರಿಗಳು, ಎಪಿಎಂಸಿ ಕಾರ್ಯದರ್ಶಿ, ರೈತ ಮುಖಂಡರು ಹಾಗೂ ಕೊಬ್ಬರಿ ವರ್ತಕರು ಉಪಸ್ಥಿತರಿದ್ದರು.
ಮಂಡಳಿಯಿಂದ ರೈತರಿಗೆ ಅನುಕೂಲವಾಗಲಿದೆ. ಭಾರತ ಭೌಗೋಳಿಕ ಸೂಚ್ಯಂಕ ನೋಂದಣಿ ಪ್ರಕ್ರಿಯೆಯ ಕುರಿತು ಮಾಹಿತಿ ನೀಡಲಾಯಿತು. ತಿಪಟೂರು ಉಂಡೆ ಕೊಬ್ಬರಿಯು ವಿಶಿಷ್ಟ ರುಚಿ, ಗುಣಮಟ್ಟ ಹಾಗೂ ದೀರ್ಘಕಾಲ ಬಾಳಿಕೆ ಬರುವ ವಿಶೇಷತೆ ಹೊಂದಿದ್ದು, ಸ್ಥಳೀಯ ಮಣ್ಣು ಮತ್ತು ಹವಾಮಾನದ ಕಾರಣದಿಂದ ಈ ವಿಶಿಷ್ಟತೆ ಬಂದಿದೆ. ಜಿಐ ಮಾನ್ಯತೆ ದೊರೆತರೆ ನಕಲಿ ಉತ್ಪನ್ನಗಳ ಮಾರಾಟಕ್ಕೆ ಕಡಿವಾಣ ಬೀಳಲಿದೆ ಎಂದು ಅಧಿಕಾರಿಗಳು ತಿಳಿಸಿದರು. ರೈತ ಉತ್ಪಾದಕ ಸಂಸ್ಥೆಗಳು ಹಾಗೂ ಸಹಕಾರ ಸಂಘಗಳ ಸಹಯೋಗದೊಂದಿಗೆ ಮುಂದಿನ ಪ್ರಕ್ರಿಯೆ ನಡೆಸಲು ತೀರ್ಮಾನಿಸಲಾಯಿತು.
printed by: H.S. PARAMESH, 7th Cross, Srirama Nagara, Tumakuru-572101, Tumakuru Dist. Karnataka, Published & Owned by: RAGHU AN New Extension, Arakars post, Tumakuru-572106, Printed: BRI LAKSHMI NARASIMHA
OFFSET PRINTERS, 7th Cross, Srirama Nagara, Tumakuru-572101, Tumakuru Dist. Karnataka, Published at: At New Extension, Arakere post, Tumakuru, Editor: RAGHUAN. New Extension, Arakere post, Tumakuru
